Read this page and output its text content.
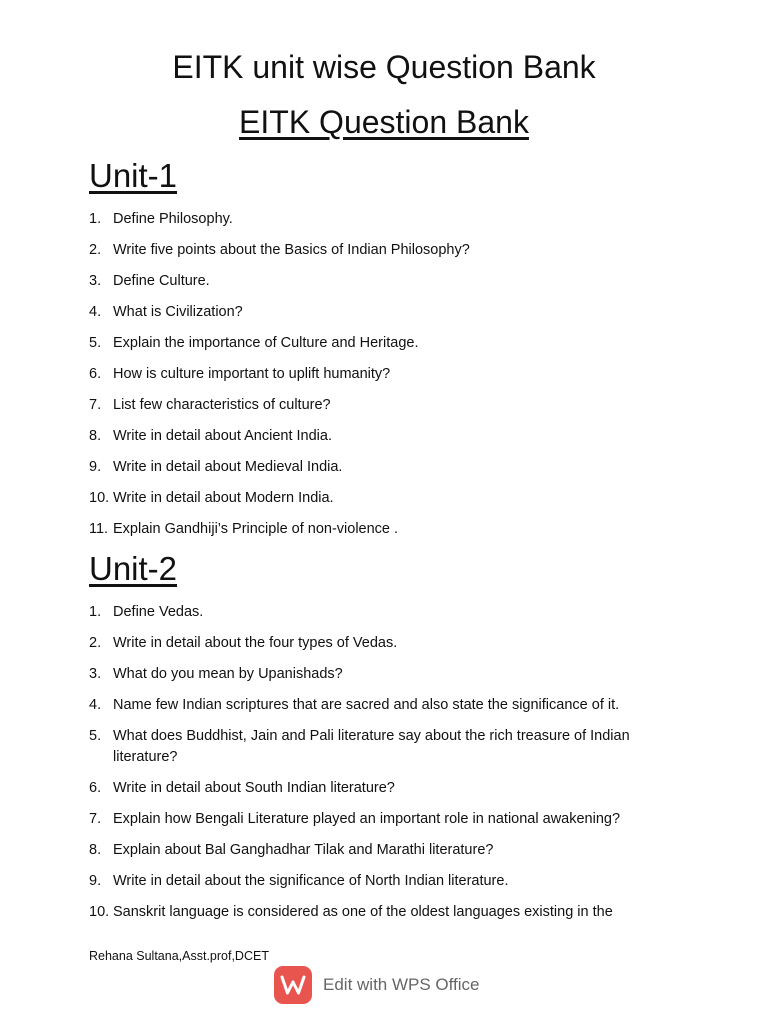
EITK unit wise Question Bank
EITK Question Bank
Unit-1
1. Define Philosophy.
2. Write five points about the Basics of Indian Philosophy?
3. Define Culture.
4. What is Civilization?
5. Explain the importance of Culture and Heritage.
6. How is culture important to uplift humanity?
7. List few characteristics of culture?
8. Write in detail about Ancient India.
9. Write in detail about Medieval India.
10. Write in detail about Modern India.
11. Explain Gandhiji’s Principle of non-violence .
Unit-2
1. Define Vedas.
2. Write in detail about the four types of Vedas.
3. What do you mean by Upanishads?
4. Name few Indian scriptures that are sacred and also state the significance of it.
5. What does Buddhist, Jain and Pali literature say about the rich treasure of Indian literature?
6. Write in detail about South Indian literature?
7. Explain how Bengali Literature played an important role in national awakening?
8. Explain about Bal Ganghadhar Tilak and Marathi literature?
9. Write in detail about the significance of North Indian literature.
10. Sanskrit language is considered as one of the oldest languages existing in the
Rehana Sultana,Asst.prof,DCET
Edit with WPS Office
